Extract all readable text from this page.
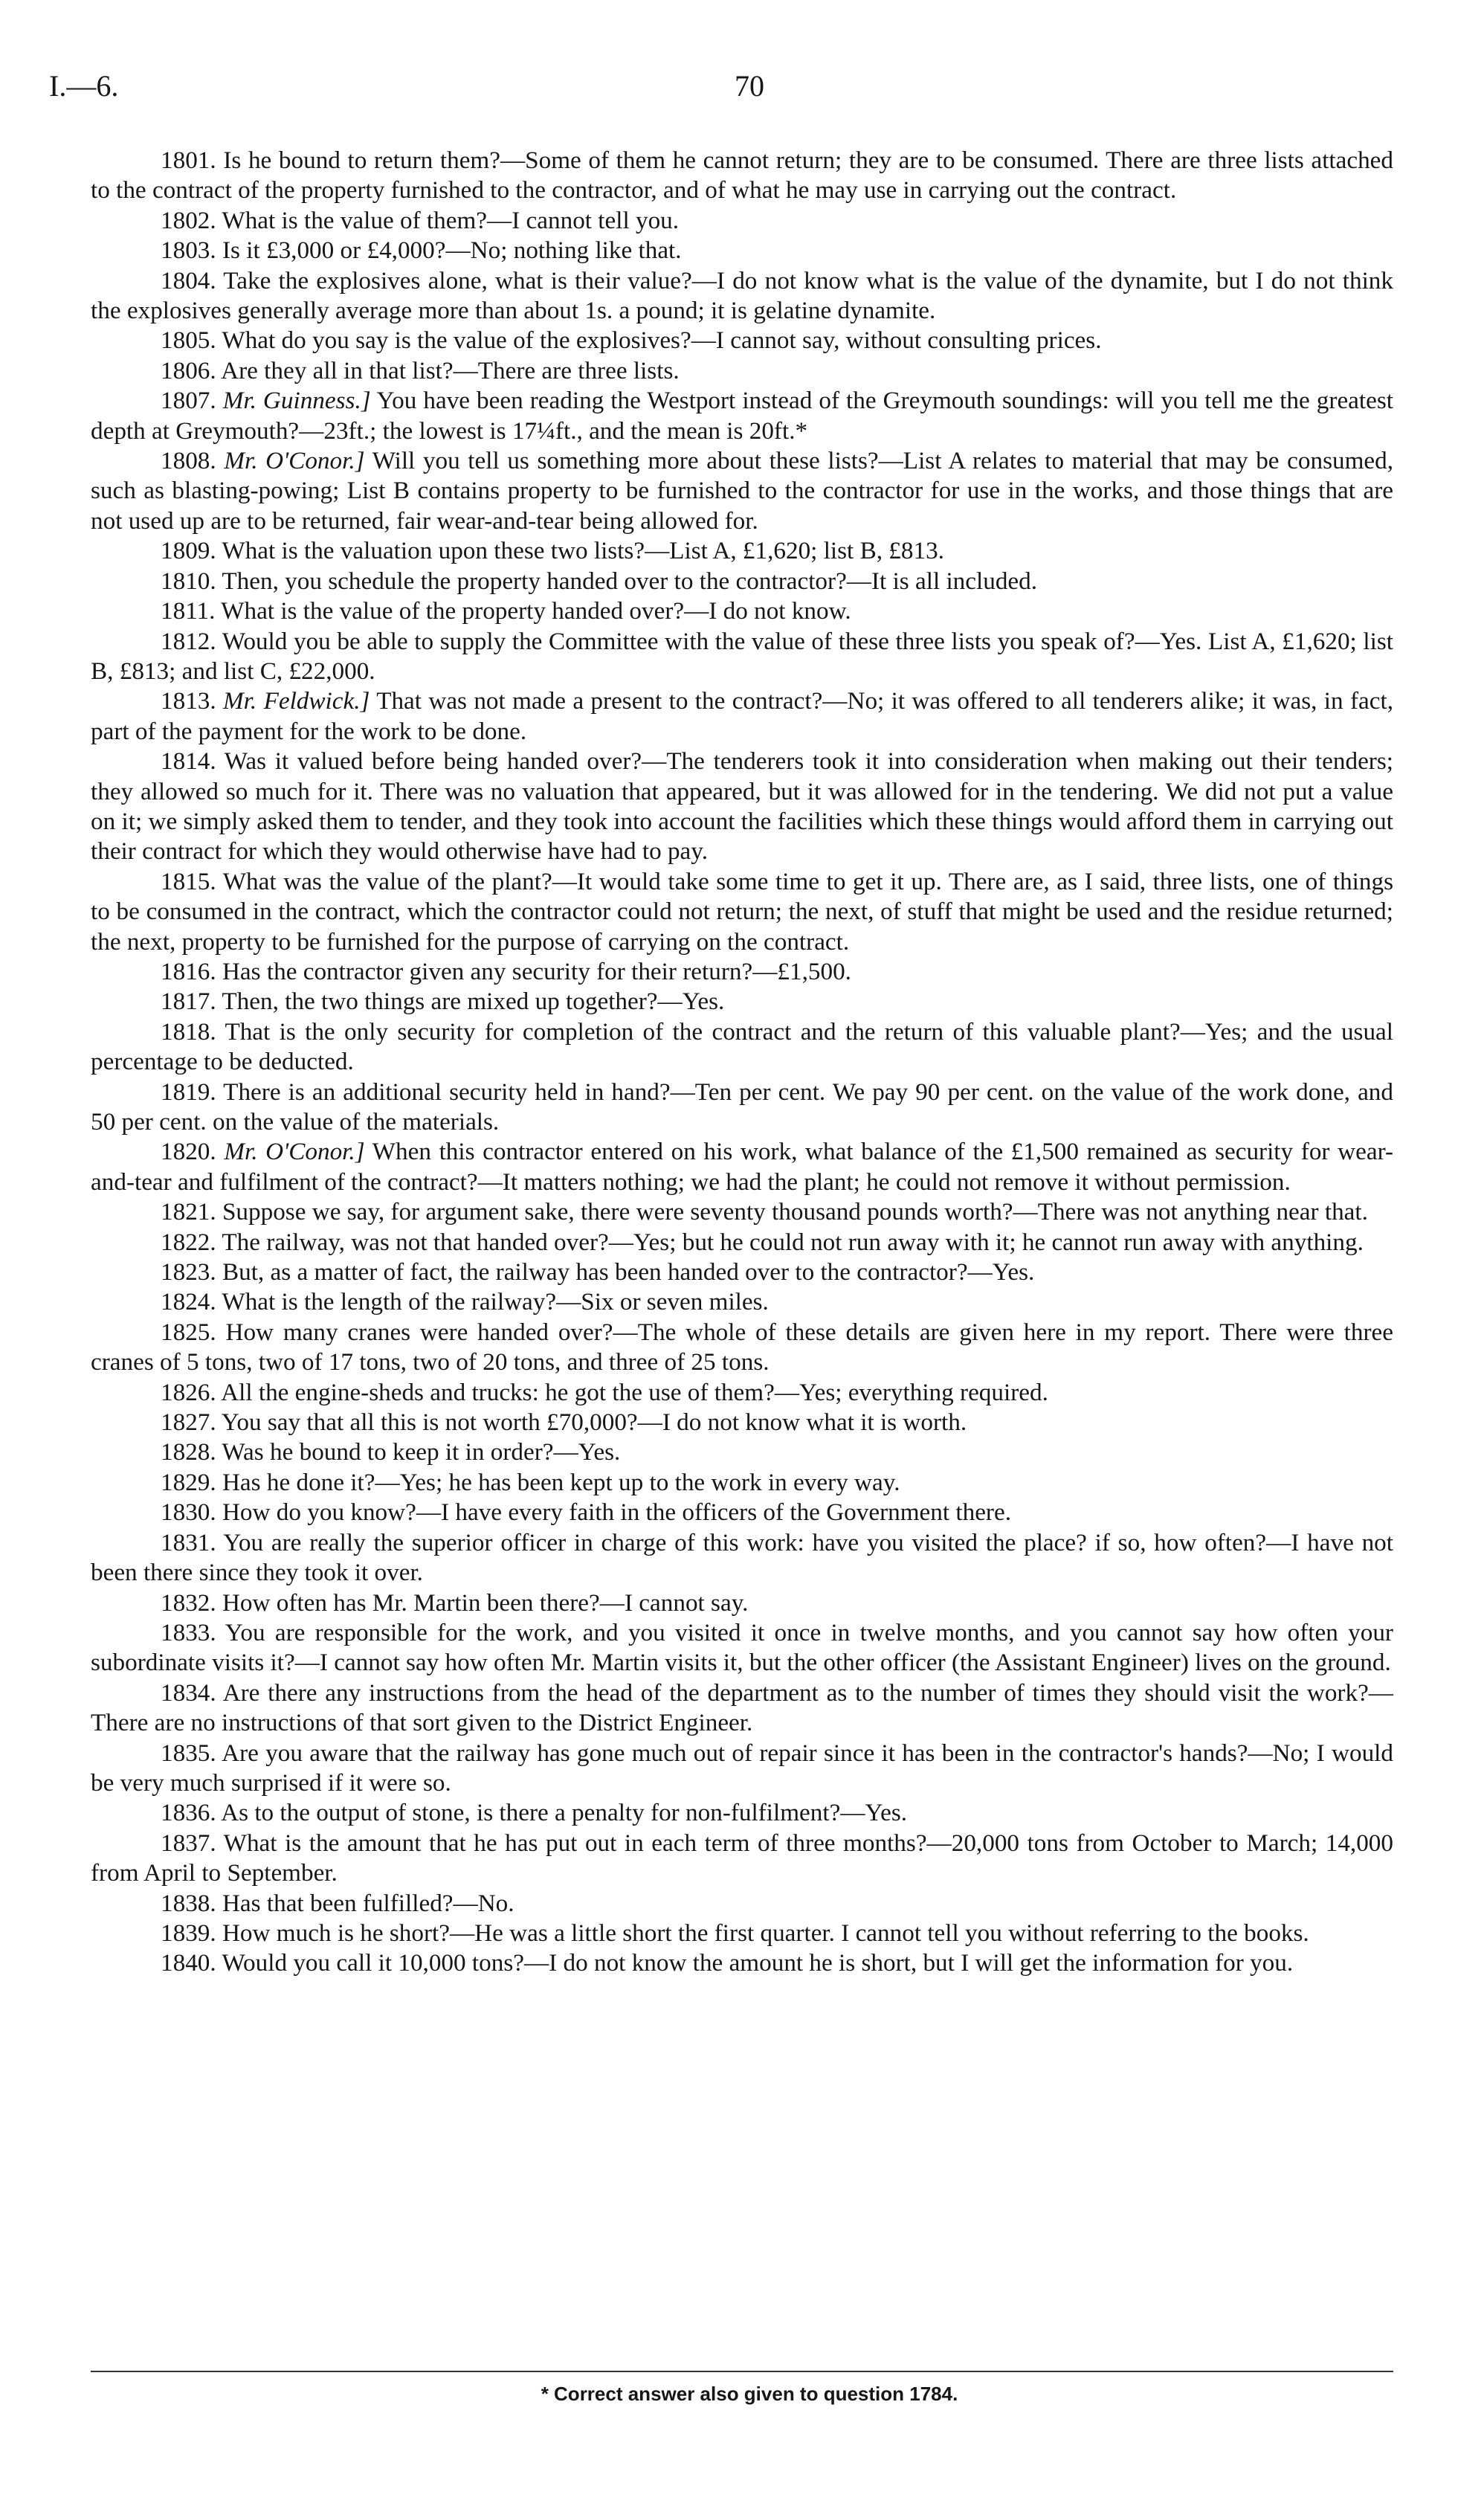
I.—6.	70

1801. Is he bound to return them?—Some of them he cannot return; they are to be consumed. There are three lists attached to the contract of the property furnished to the contractor, and of what he may use in carrying out the contract.

1802. What is the value of them?—I cannot tell you.

1803. Is it £3,000 or £4,000?—No; nothing like that.

1804. Take the explosives alone, what is their value?—I do not know what is the value of the dynamite, but I do not think the explosives generally average more than about 1s. a pound; it is gelatine dynamite.

1805. What do you say is the value of the explosives?—I cannot say, without consulting prices.

1806. Are they all in that list?—There are three lists.

1807. Mr. Guinness.] You have been reading the Westport instead of the Greymouth soundings: will you tell me the greatest depth at Greymouth?—23ft.; the lowest is 17¼ft., and the mean is 20ft.*

1808. Mr. O'Conor.] Will you tell us something more about these lists?—List A relates to material that may be consumed, such as blasting-powing; List B contains property to be furnished to the contractor for use in the works, and those things that are not used up are to be returned, fair wear-and-tear being allowed for.

1809. What is the valuation upon these two lists?—List A, £1,620; list B, £813.

1810. Then, you schedule the property handed over to the contractor?—It is all included.

1811. What is the value of the property handed over?—I do not know.

1812. Would you be able to supply the Committee with the value of these three lists you speak of?—Yes. List A, £1,620; list B, £813; and list C, £22,000.

1813. Mr. Feldwick.] That was not made a present to the contract?—No; it was offered to all tenderers alike; it was, in fact, part of the payment for the work to be done.

1814. Was it valued before being handed over?—The tenderers took it into consideration when making out their tenders; they allowed so much for it. There was no valuation that appeared, but it was allowed for in the tendering. We did not put a value on it; we simply asked them to tender, and they took into account the facilities which these things would afford them in carrying out their contract for which they would otherwise have had to pay.

1815. What was the value of the plant?—It would take some time to get it up. There are, as I said, three lists, one of things to be consumed in the contract, which the contractor could not return; the next, of stuff that might be used and the residue returned; the next, property to be furnished for the purpose of carrying on the contract.

1816. Has the contractor given any security for their return?—£1,500.

1817. Then, the two things are mixed up together?—Yes.

1818. That is the only security for completion of the contract and the return of this valuable plant?—Yes; and the usual percentage to be deducted.

1819. There is an additional security held in hand?—Ten per cent. We pay 90 per cent. on the value of the work done, and 50 per cent. on the value of the materials.

1820. Mr. O'Conor.] When this contractor entered on his work, what balance of the £1,500 remained as security for wear-and-tear and fulfilment of the contract?—It matters nothing; we had the plant; he could not remove it without permission.

1821. Suppose we say, for argument sake, there were seventy thousand pounds worth?—There was not anything near that.

1822. The railway, was not that handed over?—Yes; but he could not run away with it; he cannot run away with anything.

1823. But, as a matter of fact, the railway has been handed over to the contractor?—Yes.

1824. What is the length of the railway?—Six or seven miles.

1825. How many cranes were handed over?—The whole of these details are given here in my report. There were three cranes of 5 tons, two of 17 tons, two of 20 tons, and three of 25 tons.

1826. All the engine-sheds and trucks: he got the use of them?—Yes; everything required.

1827. You say that all this is not worth £70,000?—I do not know what it is worth.

1828. Was he bound to keep it in order?—Yes.

1829. Has he done it?—Yes; he has been kept up to the work in every way.

1830. How do you know?—I have every faith in the officers of the Government there.

1831. You are really the superior officer in charge of this work: have you visited the place? if so, how often?—I have not been there since they took it over.

1832. How often has Mr. Martin been there?—I cannot say.

1833. You are responsible for the work, and you visited it once in twelve months, and you cannot say how often your subordinate visits it?—I cannot say how often Mr. Martin visits it, but the other officer (the Assistant Engineer) lives on the ground.

1834. Are there any instructions from the head of the department as to the number of times they should visit the work?—There are no instructions of that sort given to the District Engineer.

1835. Are you aware that the railway has gone much out of repair since it has been in the contractor's hands?—No; I would be very much surprised if it were so.

1836. As to the output of stone, is there a penalty for non-fulfilment?—Yes.

1837. What is the amount that he has put out in each term of three months?—20,000 tons from October to March; 14,000 from April to September.

1838. Has that been fulfilled?—No.

1839. How much is he short?—He was a little short the first quarter. I cannot tell you without referring to the books.

1840. Would you call it 10,000 tons?—I do not know the amount he is short, but I will get the information for you.

* Correct answer also given to question 1784.
